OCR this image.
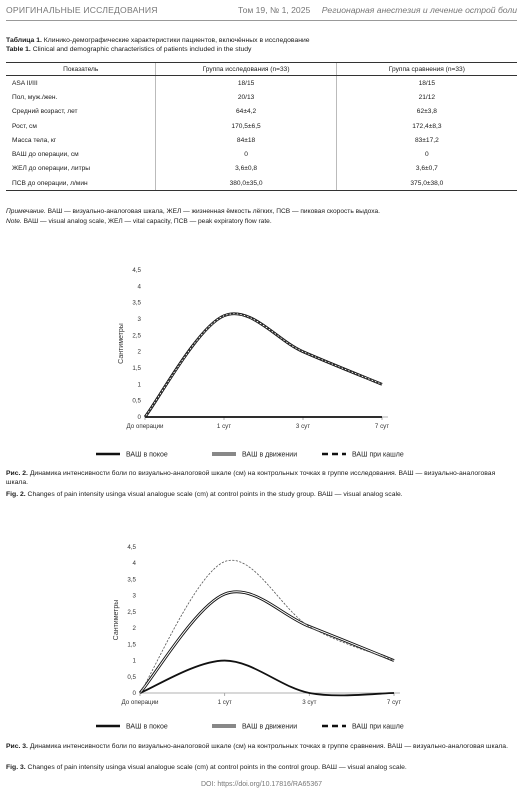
ОРИГИНАЛЬНЫЕ ИССЛЕДОВАНИЯ	Том 19, № 1, 2025 Регионарная анестезия и лечение острой боли
Таблица 1. Клинико-демографические характеристики пациентов, включённых в исследование
Table 1. Clinical and demographic characteristics of patients included in the study
Показатель	Группа исследования (n=33)	Группа сравнения (n=33)
ASA II/III	18/15	18/15
Пол, муж./жен.	20/13	21/12
Средний возраст, лет	64±4,2	62±3,8
Рост, см	170,5±6,5	172,4±8,3
Масса тела, кг	84±18	83±17,2
ВАШ до операции, см	0	0
ЖЕЛ до операции, литры	3,6±0,8	3,6±0,7
ПСВ до операции, л/мин	380,0±35,0	375,0±38,0
Примечание. ВАШ — визуально-аналоговая шкала, ЖЕЛ — жизненная ёмкость лёгких, ПСВ — пиковая скорость выдоха.
Note. ВАШ — visual analog scale, ЖЕЛ — vital capacity, ПСВ — peak expiratory flow rate.
0
0,5
1
1,5
2
2,5
3
3,5
4
4,5
Сантиметры
До операции	1 сут	3 сут	7 сут
ВАШ в покое	ВАШ в движении	ВАШ при кашле
Рис. 2. Динамика интенсивности боли по визуально-аналоговой шкале (см) на контрольных точках в группе исследования. ВАШ — визуально-аналоговая шкала.
Fig. 2. Changes of pain intensity usinga visual analogue scale (cm) at control points in the study group. ВАШ — visual analog scale.
0
0,5
1
1,5
2
2,5
3
3,5
4
4,5
Сантиметры
До операции	1 сут	3 сут	7 сут
ВАШ в покое	ВАШ в движении	ВАШ при кашле
Рис. 3. Динамика интенсивности боли по визуально-аналоговой шкале (см) на контрольных точках в группе сравнения. ВАШ — визуально-аналоговая шкала.
Fig. 3. Changes of pain intensity usinga visual analogue scale (cm) at control points in the control group. ВАШ — visual analog scale.
DOI: https://doi.org/10.17816/RA65367
